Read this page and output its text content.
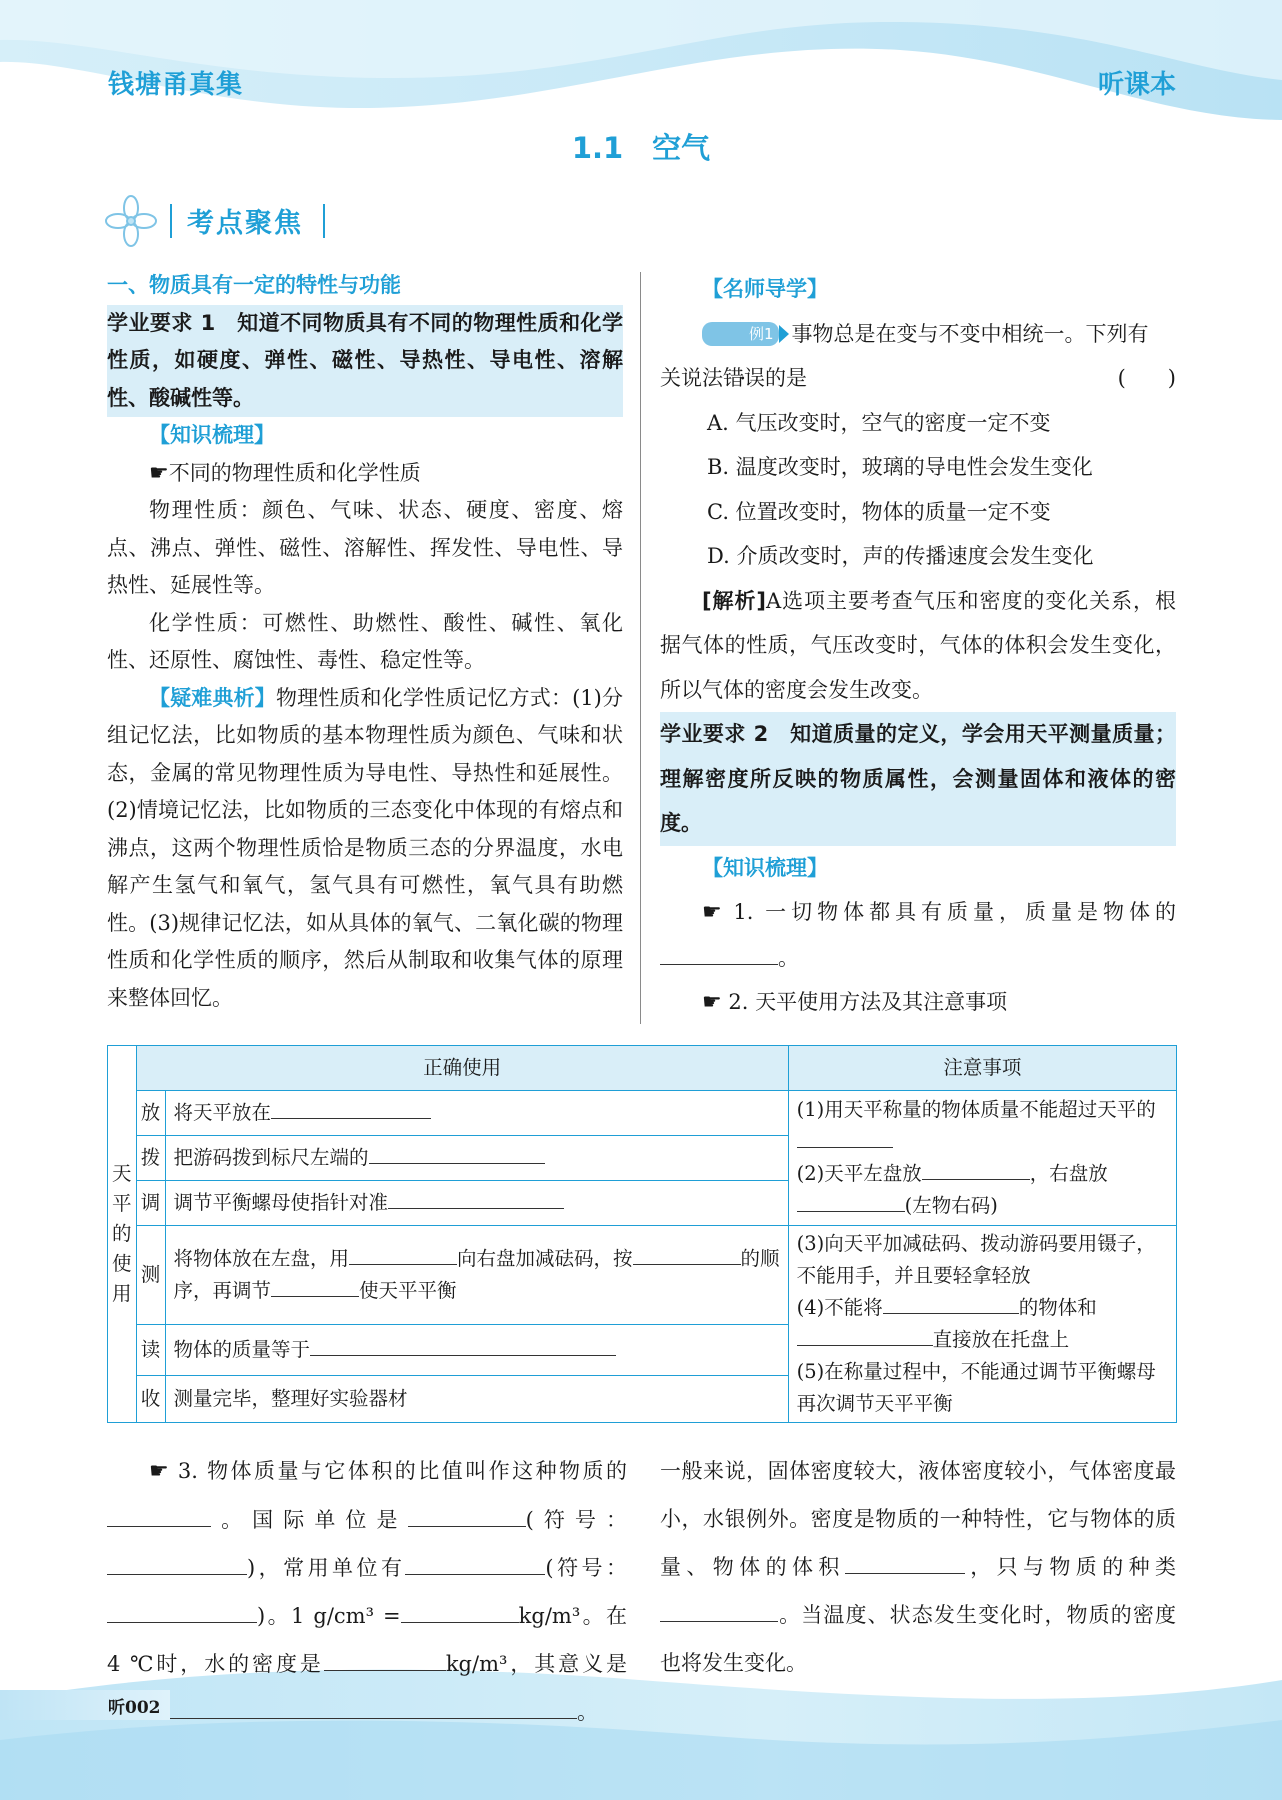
钱塘甬真集	听课本
1.1　空气
考点聚焦

一、物质具有一定的特性与功能

学业要求 1　知道不同物质具有不同的物理性质和化学性质，如硬度、弹性、磁性、导热性、导电性、溶解性、酸碱性等。

【知识梳理】

☛不同的物理性质和化学性质

物理性质：颜色、气味、状态、硬度、密度、熔点、沸点、弹性、磁性、溶解性、挥发性、导电性、导热性、延展性等。

化学性质：可燃性、助燃性、酸性、碱性、氧化性、还原性、腐蚀性、毒性、稳定性等。

【疑难典析】物理性质和化学性质记忆方式：(1)分组记忆法，比如物质的基本物理性质为颜色、气味和状态，金属的常见物理性质为导电性、导热性和延展性。(2)情境记忆法，比如物质的三态变化中体现的有熔点和沸点，这两个物理性质恰是物质三态的分界温度，水电解产生氢气和氧气，氢气具有可燃性，氧气具有助燃性。(3)规律记忆法，如从具体的氧气、二氧化碳的物理性质和化学性质的顺序，然后从制取和收集气体的原理来整体回忆。

【名师导学】

例1 事物总是在变与不变中相统一。下列有

关说法错误 •的是	(　　)

A. 气压改变时，空气的密度一定不变

B. 温度改变时，玻璃的导电性会发生变化

C. 位置改变时，物体的质量一定不变

D. 介质改变时，声的传播速度会发生变化

[解析]A选项主要考查气压和密度的变化关系，根据气体的性质，气压改变时，气体的体积会发生变化，所以气体的密度会发生改变。

学业要求 2　知道质量的定义，学会用天平测量质量；理解密度所反映的物质属性，会测量固体和液体的密度。

【知识梳理】

☛ 1. 一切物体都具有质量，质量是物体的。

☛ 2. 天平使用方法及其注意事项

天
平
的
使
用	正确使用		注意事项
	放	将天平放在	(1)用天平称量的物体质量不能超过天平的
(2)天平左盘放 ，右盘放(左物右码)
	拨	把游码拨到标尺左端的	
	调	调节平衡螺母使指针对准	
	测	将物体放在左盘，用 向右盘加减砝码，按 的顺序，再调节 使天平平衡	(3)向天平加减砝码、拨动游码要用镊子，不能用手，并且要轻拿轻放
(4)不能将 的物体和直接放在托盘上
(5)在称量过程中，不能通过调节平衡螺母再次调节天平平衡
	读	物体的质量等于	
	收	测量完毕，整理好实验器材	

☛ 3. 物体质量与它体积的比值叫作这种物质的。国际单位是	(符号：)，常用单位有	(符号：)。1 g/cm³ =	kg/m³。在 4 ℃时，水的密度是	kg/m³，其意义是。

一般来说，固体密度较大，液体密度较小，气体密度最小，水银例外。密度是物质的一种特性，它与物体的质量、物体的体积	，只与物质的种类。当温度、状态发生变化时，物质的密度也将发生变化。

听002
